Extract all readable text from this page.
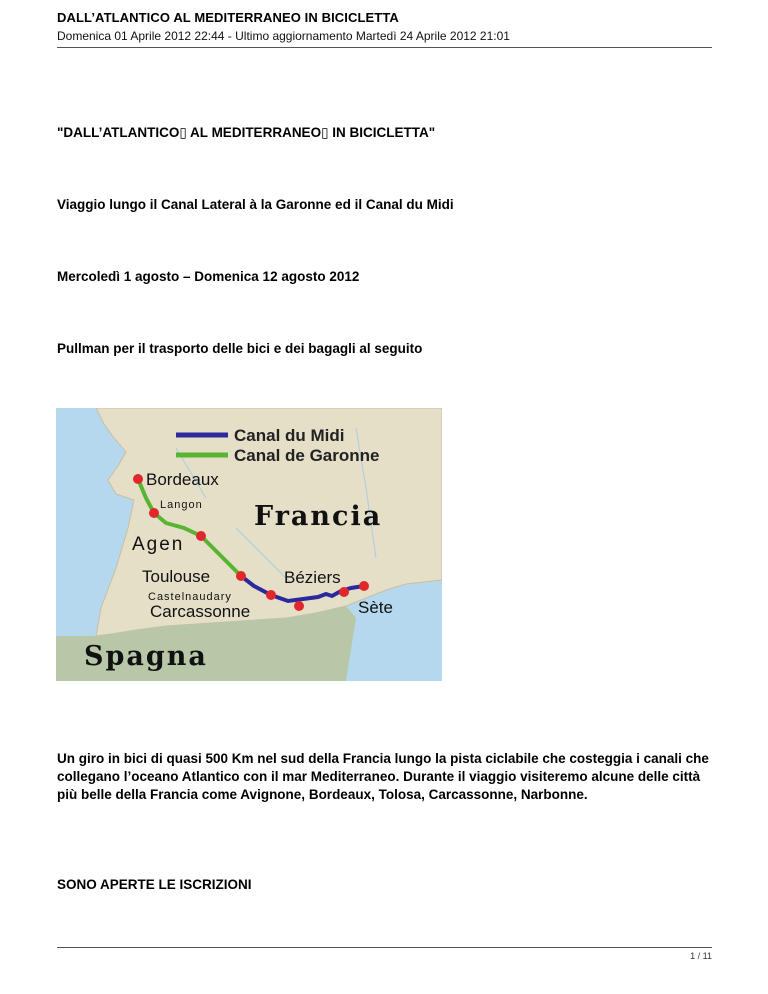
DALL’ATLANTICO AL MEDITERRANEO IN BICICLETTA

Domenica 01 Aprile 2012 22:44 - Ultimo aggiornamento Martedì 24 Aprile 2012 21:01

"DALL’ATLANTICO▯ AL MEDITERRANEO▯ IN BICICLETTA"

Viaggio lungo il Canal Lateral à la Garonne ed il Canal du Midi

Mercoledì 1 agosto – Domenica 12 agosto 2012

Pullman per il trasporto delle bici e dei bagagli al seguito

Canal du Midi
Canal de Garonne
Francia
Spagna
Bordeaux
Langon
Agen
Toulouse	Béziers
Castelnaudary
Carcassonne	Sète

Un giro in bici di quasi 500 Km nel sud della Francia lungo la pista ciclabile che costeggia i canali che collegano l’oceano Atlantico con il mar Mediterraneo. Durante il viaggio visiteremo alcune delle città più belle della Francia come Avignone, Bordeaux, Tolosa, Carcassonne, Narbonne.

SONO APERTE LE ISCRIZIONI

1 / 11
